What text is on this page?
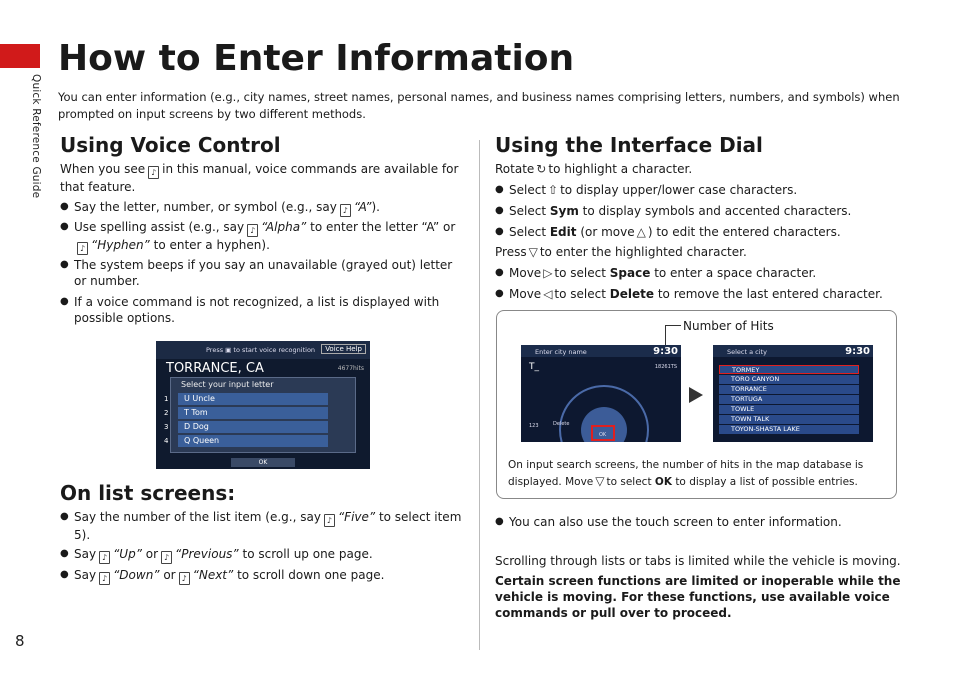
Quick Reference Guide
8
How to Enter Information
You can enter information (e.g., city names, street names, personal names, and business names comprising letters, numbers, and symbols) when prompted on input screens by two different methods.
Using Voice Control
When you see ♪ in this manual, voice commands are available for that feature.
● Say the letter, number, or symbol (e.g., say ♪ “A”).
● Use spelling assist (e.g., say ♪ “Alpha” to enter the letter “A” or
♪ “Hyphen” to enter a hyphen).
● The system beeps if you say an unavailable (grayed out) letter or number.
● If a voice command is not recognized, a list is displayed with possible options.
Press ▣ to start voice recognition	Voice Help
TORRANCE, CA	4677hits
Select your input letter
1	U Uncle
2	T Tom
3	D Dog
4	Q Queen
OK
On list screens:
● Say the number of the list item (e.g., say ♪ “Five” to select item 5).
● Say ♪ “Up” or ♪ “Previous” to scroll up one page.
● Say ♪ “Down” or ♪ “Next” to scroll down one page.
Using the Interface Dial
Rotate ↻ to highlight a character.
● Select ⇧ to display upper/lower case characters.
● Select Sym to display symbols and accented characters.
● Select Edit (or move △ ) to edit the entered characters.
Press ▽ to enter the highlighted character.
● Move ▷ to select Space to enter a space character.
● Move ◁ to select Delete to remove the last entered character.
Number of Hits
Enter city name	9:30
T_	18261TS
Delete
123
OK
Select a city	9:30
TORMEY
TORO CANYON
TORRANCE
TORTUGA
TOWLE
TOWN TALK
TOYON-SHASTA LAKE
On input search screens, the number of hits in the map database is displayed. Move ▽ to select OK to display a list of possible entries.
● You can also use the touch screen to enter information.
Scrolling through lists or tabs is limited while the vehicle is moving.
Certain screen functions are limited or inoperable while the vehicle is moving. For these functions, use available voice commands or pull over to proceed.
